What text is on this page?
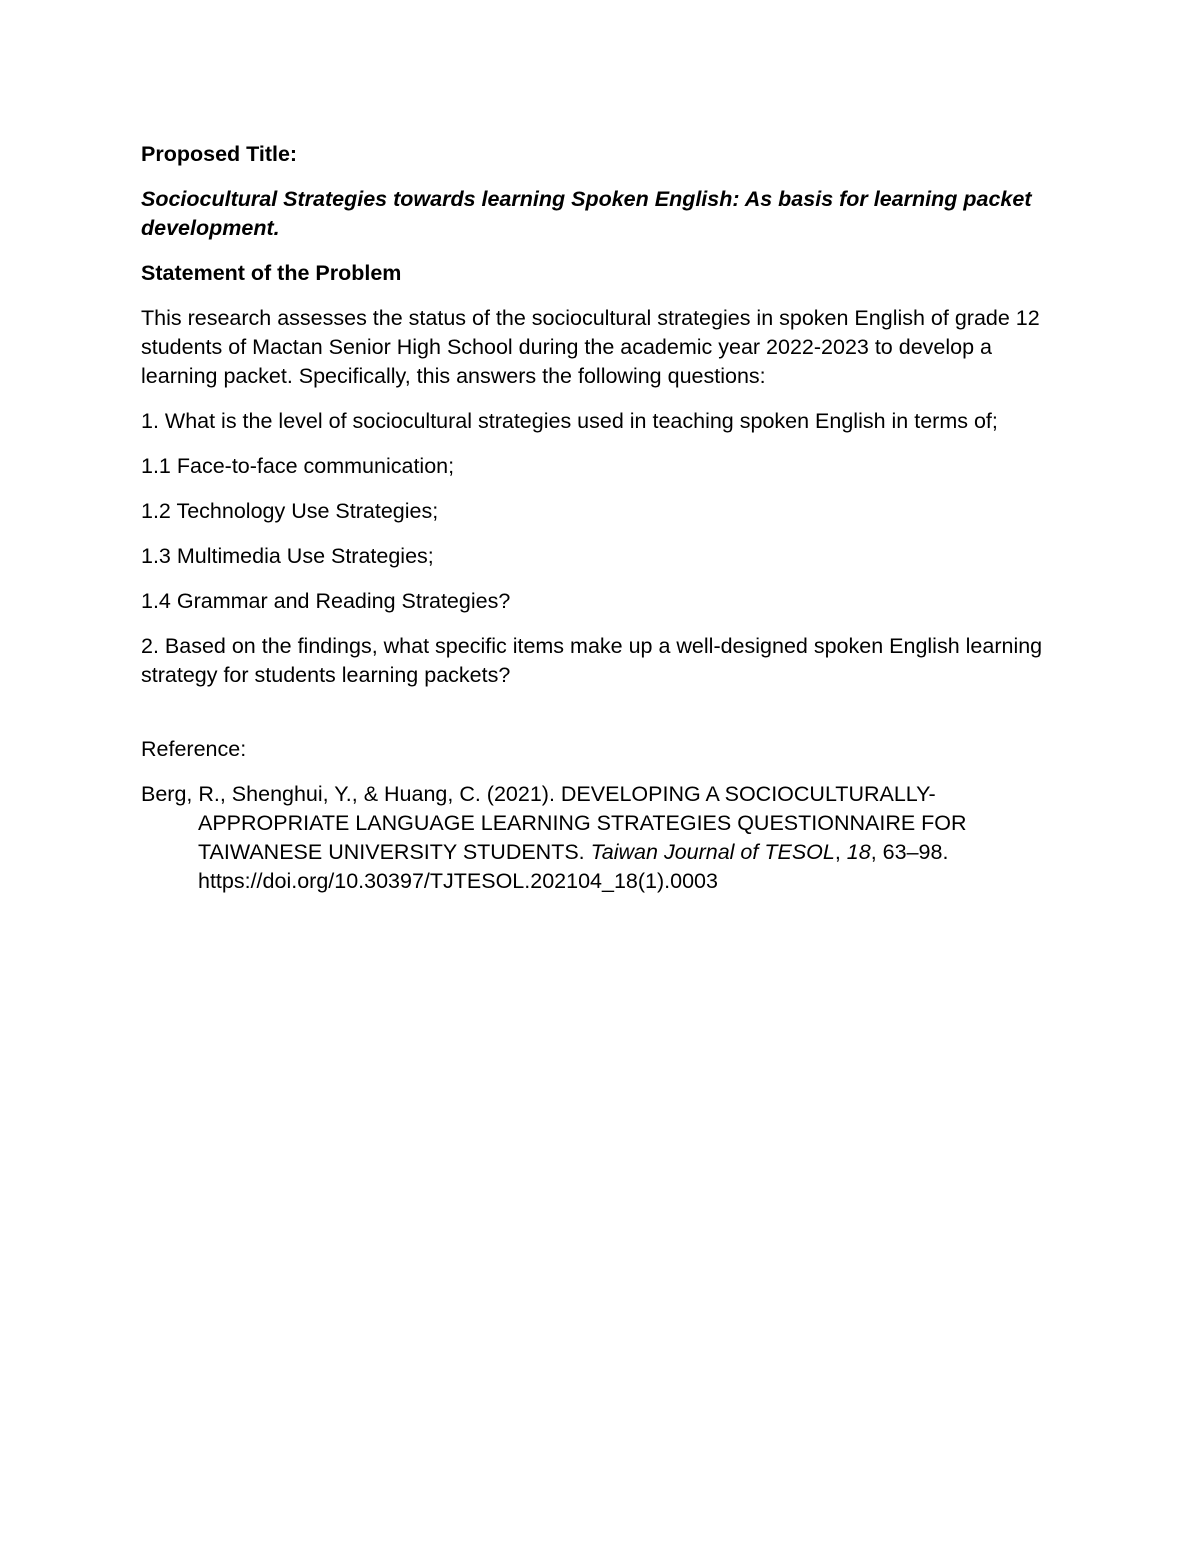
Proposed Title:

Sociocultural Strategies towards learning Spoken English: As basis for learning packet development.

Statement of the Problem

This research assesses the status of the sociocultural strategies in spoken English of grade 12 students of Mactan Senior High School during the academic year 2022-2023 to develop a learning packet. Specifically, this answers the following questions:

1. What is the level of sociocultural strategies used in teaching spoken English in terms of;

1.1 Face-to-face communication;

1.2 Technology Use Strategies;

1.3 Multimedia Use Strategies;

1.4 Grammar and Reading Strategies?

2. Based on the findings, what specific items make up a well-designed spoken English learning strategy for students learning packets?

Reference:

Berg, R., Shenghui, Y., & Huang, C. (2021). DEVELOPING A SOCIOCULTURALLY-APPROPRIATE LANGUAGE LEARNING STRATEGIES QUESTIONNAIRE FOR TAIWANESE UNIVERSITY STUDENTS. Taiwan Journal of TESOL, 18, 63–98. https://doi.org/10.30397/TJTESOL.202104_18(1).0003
